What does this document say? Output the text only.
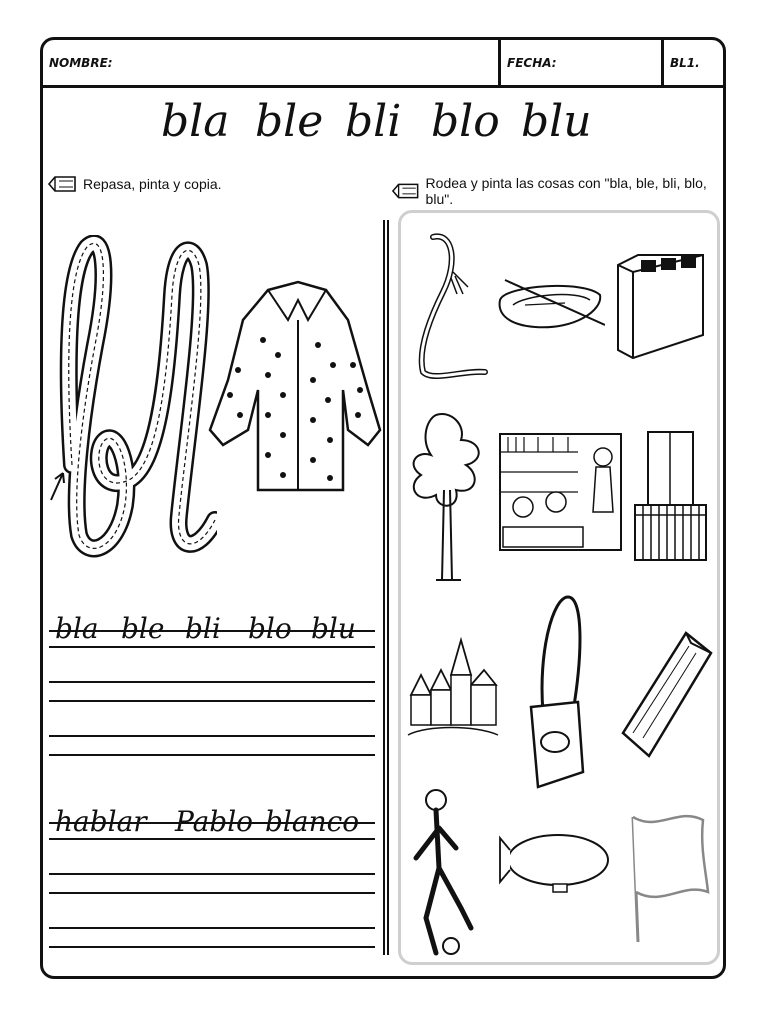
NOMBRE:	FECHA:	BL1.
bla ble bli blo blu
Repasa, pinta y copia.	Rodea y pinta las cosas con "bla, ble, bli, blo, blu".
bla ble bli blo blu
hablar Pablo blanco
